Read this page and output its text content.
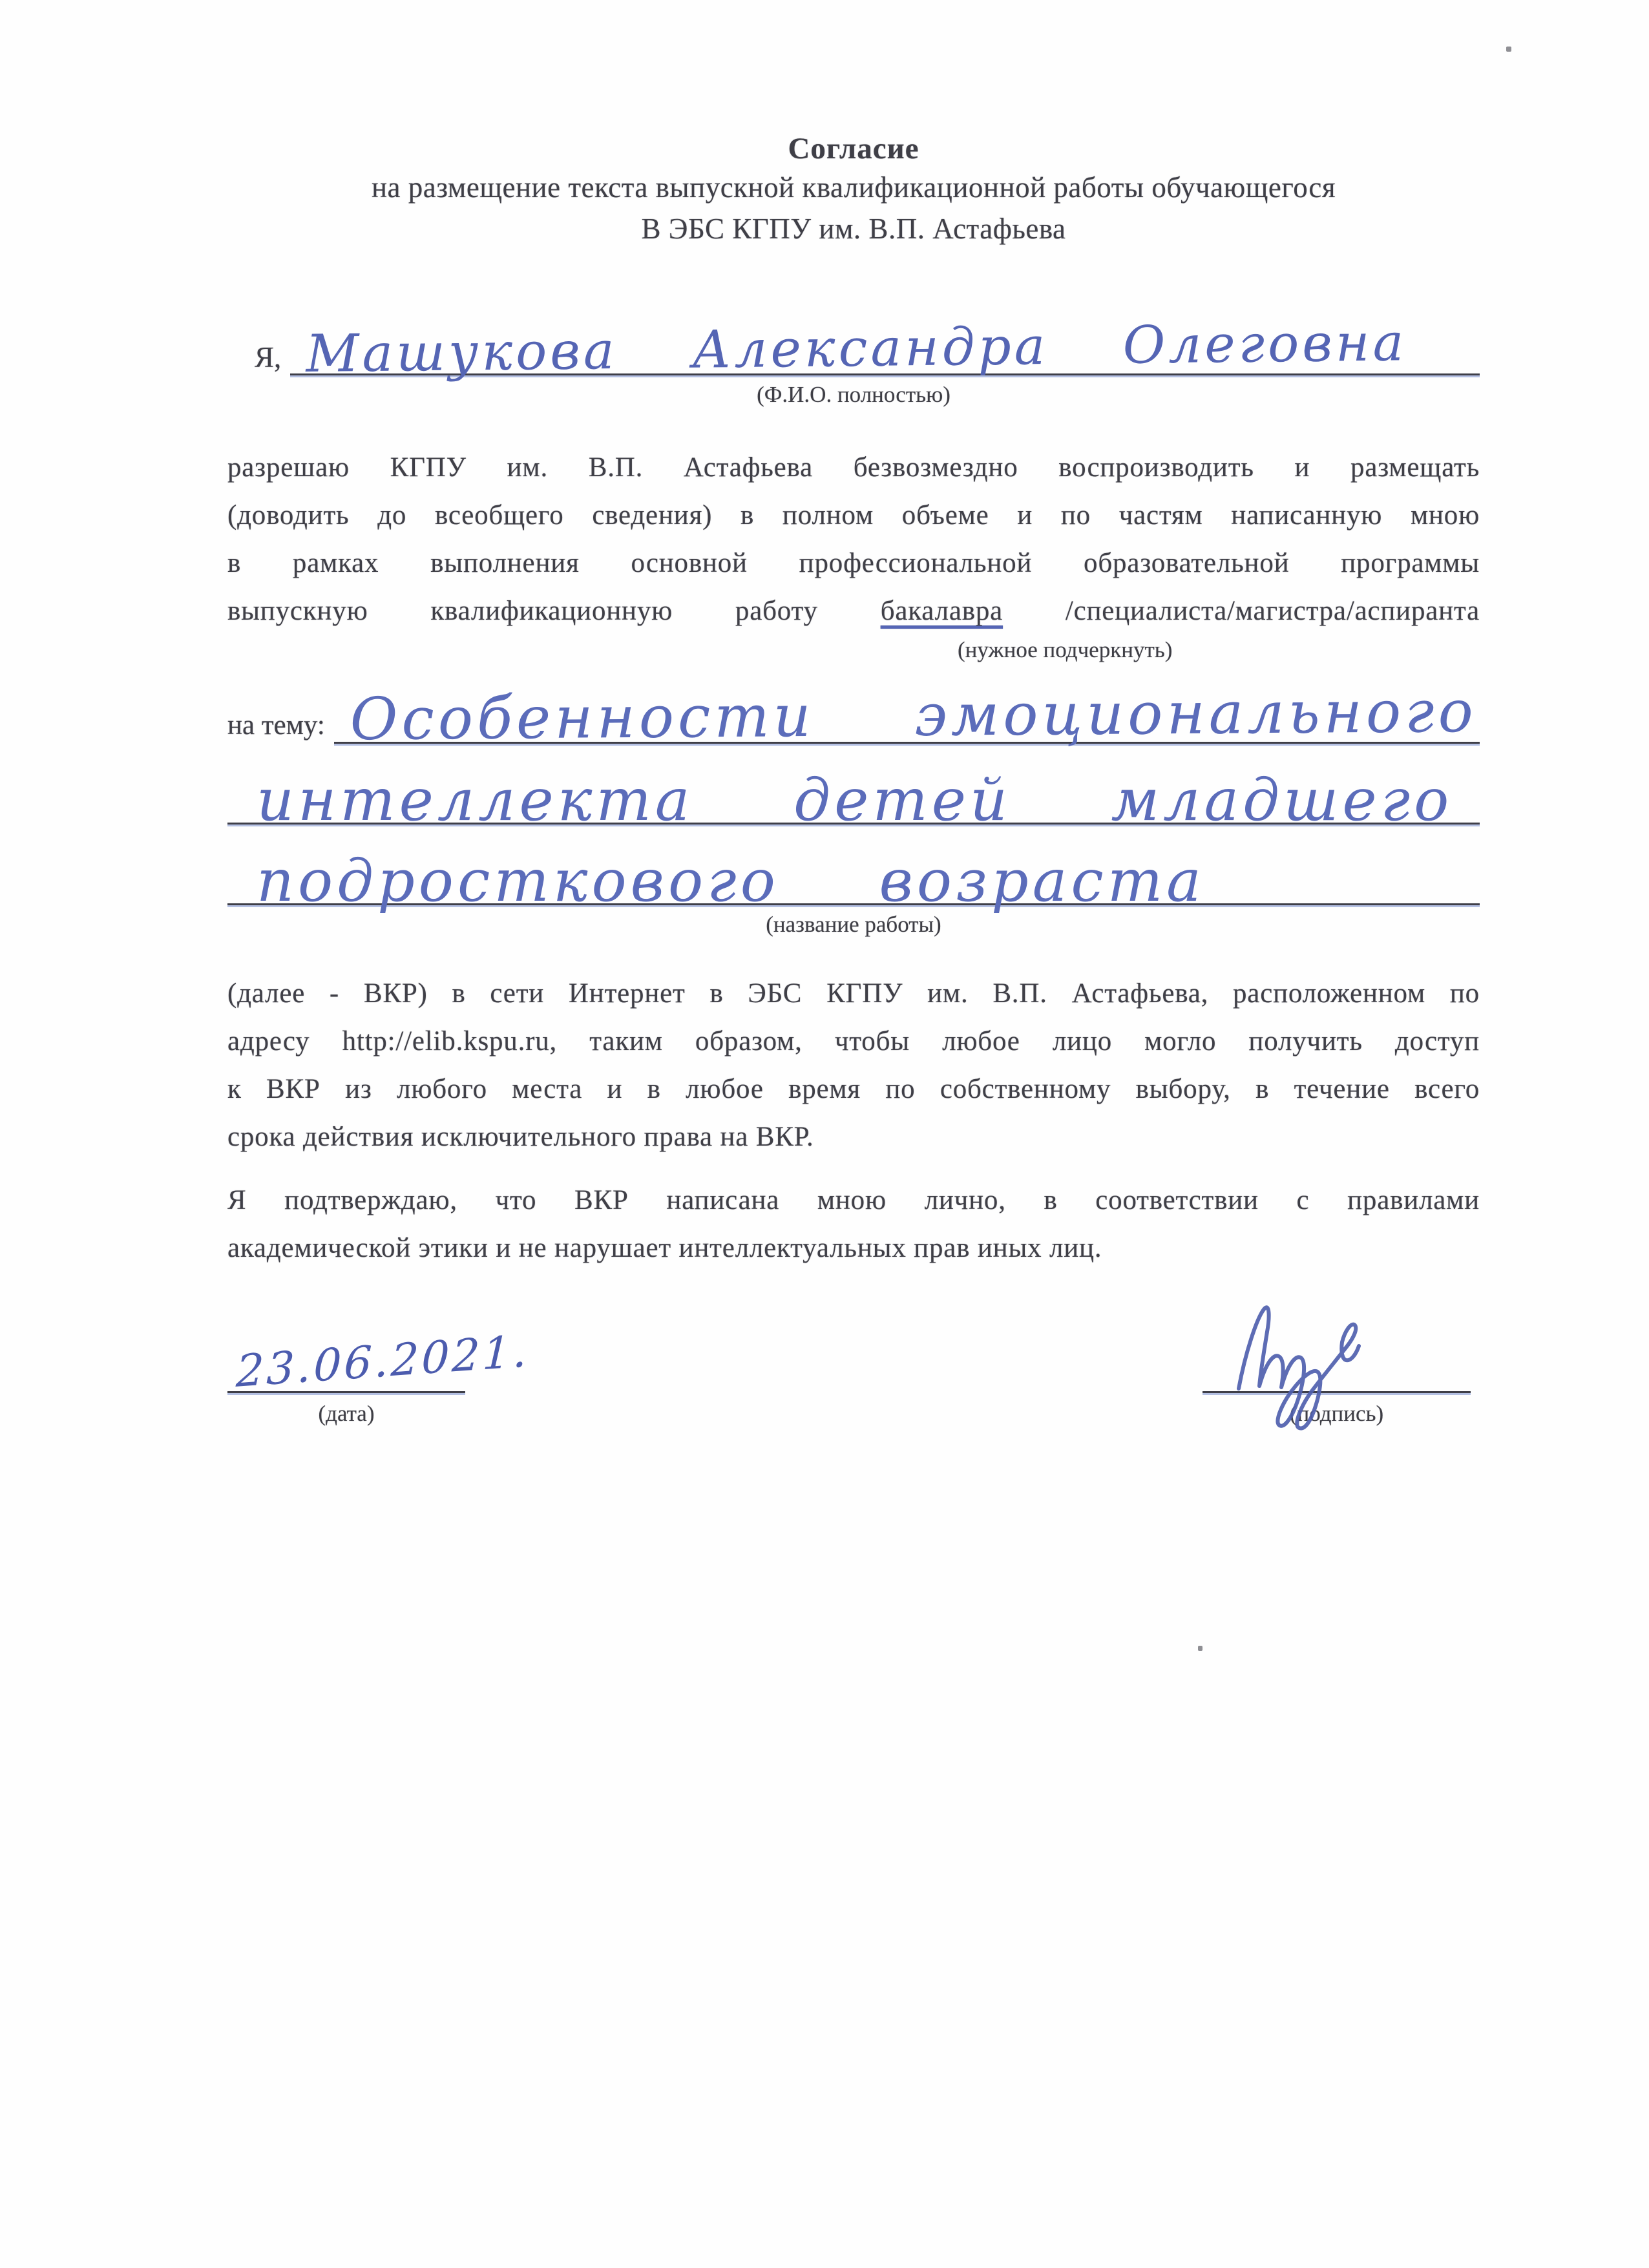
Согласие
на размещение текста выпускной квалификационной работы обучающегося
В ЭБС КГПУ им. В.П. Астафьева
Я, Машукова Александра Олеговна
(Ф.И.О. полностью)
разрешаю КГПУ им. В.П. Астафьева безвозмездно воспроизводить и размещать
(доводить до всеобщего сведения) в полном объеме и по частям написанную мною
в рамках выполнения основной профессиональной образовательной программы
выпускную квалификационную работу бакалавра /специалиста/магистра/аспиранта
(нужное подчеркнуть)
на тему: Особенности эмоционального
интеллекта детей младшего
подросткового возраста
(название работы)
(далее - ВКР) в сети Интернет в ЭБС КГПУ им. В.П. Астафьева, расположенном по
адресу http://elib.kspu.ru, таким образом, чтобы любое лицо могло получить доступ
к ВКР из любого места и в любое время по собственному выбору, в течение всего
срока действия исключительного права на ВКР.
Я подтверждаю, что ВКР написана мною лично, в соответствии с правилами
академической этики и не нарушает интеллектуальных прав иных лиц.
23.06.2021.
(дата)	(подпись)
